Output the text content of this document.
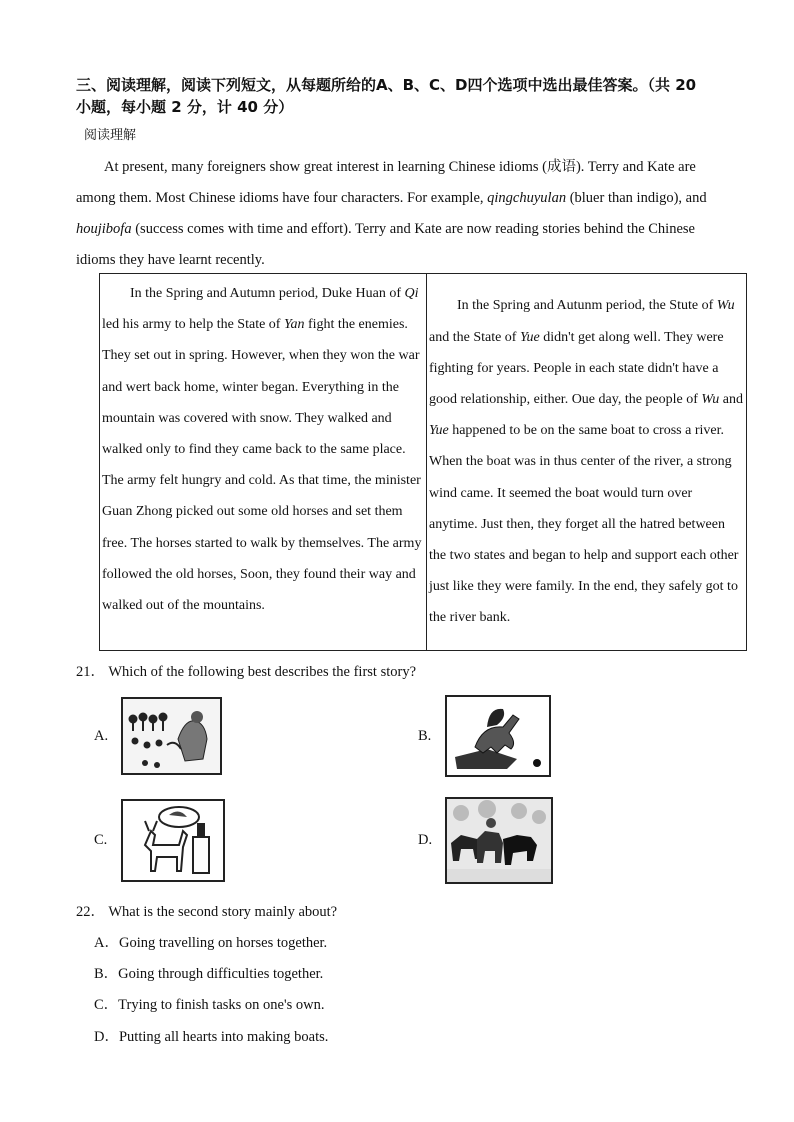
三、阅读理解，阅读下列短文，从每题所给的A、B、C、D四个选项中选出最佳答案。（共 20
小题，每小题 2 分，计 40 分）
阅读理解

At present, many foreigners show great interest in learning Chinese idioms (成语). Terry and Kate are among them. Most Chinese idioms have four characters. For example, qingchuyulan (bluer than indigo), and houjibofa (success comes with time and effort). Terry and Kate are now reading stories behind the Chinese idioms they have learnt recently.

In the Spring and Autumn period, Duke Huan of Qi led his army to help the State of Yan fight the enemies. They set out in spring. However, when they won the war and wert back home, winter began. Everything in the mountain was covered with snow. They walked and walked only to find they came back to the same place. The army felt hungry and cold. As that time, the minister Guan Zhong picked out some old horses and set them free. The horses started to walk by themselves. The army followed the old horses, Soon, they found their way and walked out of the mountains.

In the Spring and Autunm period, the Stute of Wu and the State of Yue didn't get along well. They were fighting for years. People in each state didn't have a good relationship, either. Oue day, the people of Wu and Yue happened to be on the same boat to cross a river. When the boat was in thus center of the river, a strong wind came. It seemed the boat would turn over anytime. Just then, they forget all the hatred between the two states and began to help and support each other just like they were family. In the end, they safely got to the river bank.

21． Which of the following best describes the first story?
A.	B.
C.	D.
22． What is the second story mainly about?
A．Going travelling on horses together.
B．Going through difficulties together.
C．Trying to finish tasks on one's own.
D．Putting all hearts into making boats.
